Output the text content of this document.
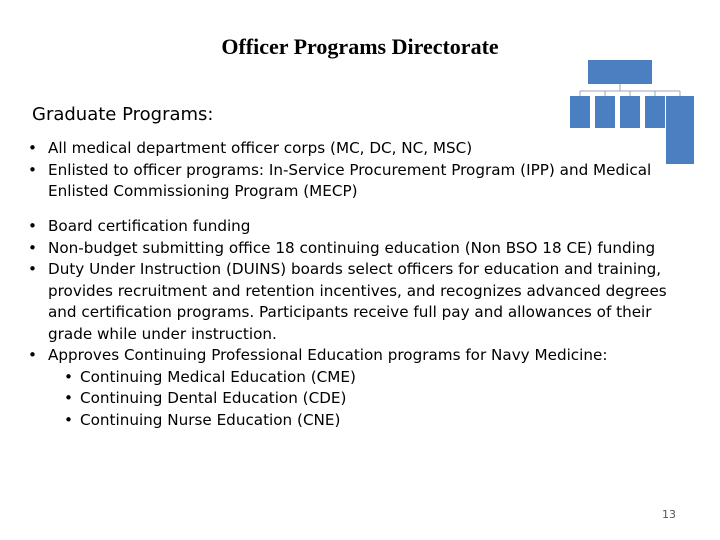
Officer Programs Directorate
Graduate Programs:
• All medical department officer corps (MC, DC, NC, MSC)
• Enlisted to officer programs: In-Service Procurement Program (IPP) and Medical Enlisted Commissioning Program (MECP)
• Board certification funding
• Non-budget submitting office 18 continuing education (Non BSO 18 CE) funding
• Duty Under Instruction (DUINS) boards select officers for education and training, provides recruitment and retention incentives, and recognizes advanced degrees and certification programs. Participants receive full pay and allowances of their grade while under instruction.
• Approves Continuing Professional Education programs for Navy Medicine:
• Continuing Medical Education (CME)
• Continuing Dental Education (CDE)
• Continuing Nurse Education (CNE)
13
